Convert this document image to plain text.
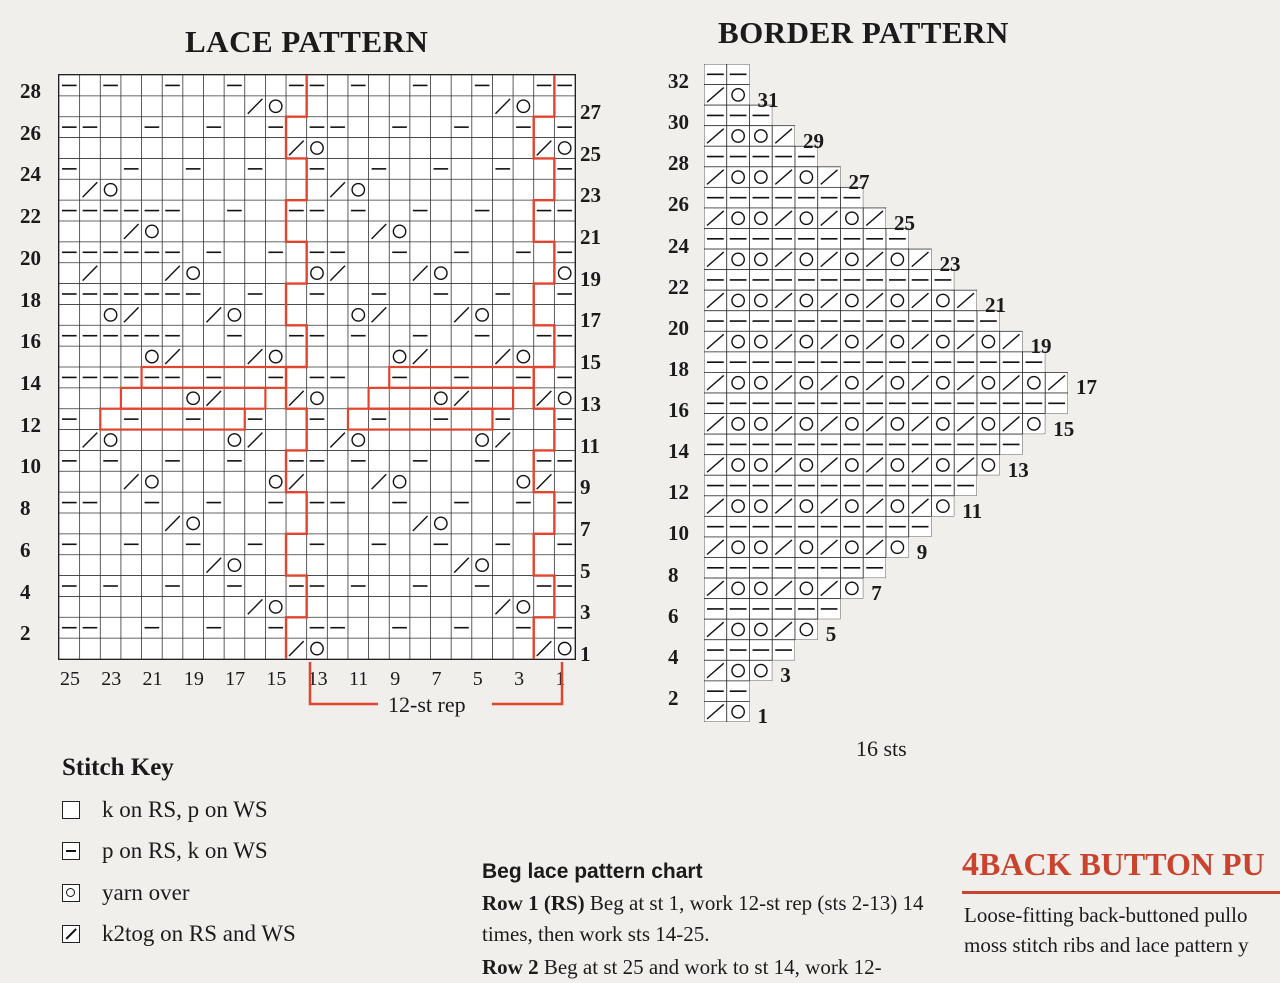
LACE PATTERN
28
26
24
22
20
18
16
14
12
10
8
6
4
2
27
25
23
21
19
17
15
13
11
9
7
5
3
1
25 23 21 19 17 15 13 11 9 7 5 3 1
12-st rep
BORDER PATTERN
32
30
28
26
24
22
20
18
16
14
12
10
8
6
4
2
31
29
27
25
23
21
19
17
15
13
11
9
7
5
3
1
16 sts
Stitch Key
k on RS, p on WS
p on RS, k on WS
yarn over
k2tog on RS and WS
Beg lace pattern chart
Row 1 (RS) Beg at st 1, work 12-st rep (sts 2-13) 14 times, then work sts 14-25.
Row 2 Beg at st 25 and work to st 14, work 12-
4BACK BUTTON PU
Loose-fitting back-buttoned pullo
moss stitch ribs and lace pattern y
